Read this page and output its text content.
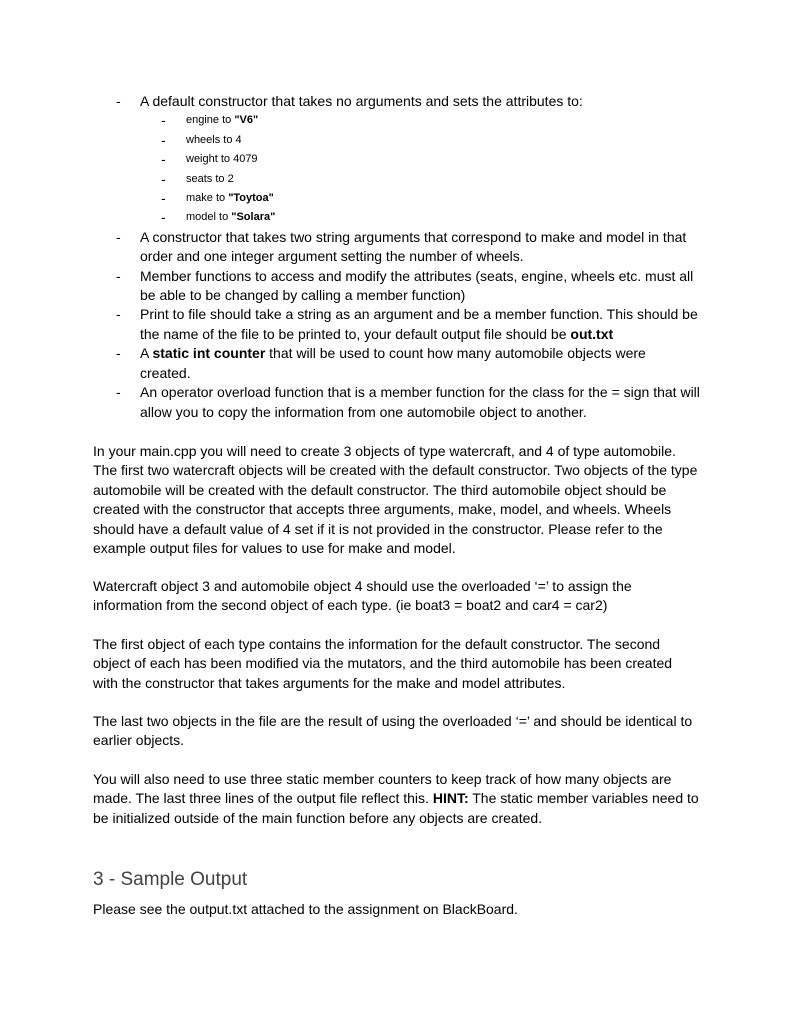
- A default constructor that takes no arguments and sets the attributes to:
- engine to "V6"
- wheels to 4
- weight to 4079
- seats to 2
- make to "Toytoa"
- model to "Solara"
- A constructor that takes two string arguments that correspond to make and model in that order and one integer argument setting the number of wheels.
- Member functions to access and modify the attributes (seats, engine, wheels etc. must all be able to be changed by calling a member function)
- Print to file should take a string as an argument and be a member function. This should be the name of the file to be printed to, your default output file should be out.txt
- A static int counter that will be used to count how many automobile objects were created.
- An operator overload function that is a member function for the class for the = sign that will allow you to copy the information from one automobile object to another.
In your main.cpp you will need to create 3 objects of type watercraft, and 4 of type automobile. The first two watercraft objects will be created with the default constructor. Two objects of the type automobile will be created with the default constructor. The third automobile object should be created with the constructor that accepts three arguments, make, model, and wheels. Wheels should have a default value of 4 set if it is not provided in the constructor. Please refer to the example output files for values to use for make and model.
Watercraft object 3 and automobile object 4 should use the overloaded ‘=’ to assign the information from the second object of each type. (ie boat3 = boat2 and car4 = car2)
The first object of each type contains the information for the default constructor. The second object of each has been modified via the mutators, and the third automobile has been created with the constructor that takes arguments for the make and model attributes.
The last two objects in the file are the result of using the overloaded ‘=’ and should be identical to earlier objects.
You will also need to use three static member counters to keep track of how many objects are made. The last three lines of the output file reflect this. HINT: The static member variables need to be initialized outside of the main function before any objects are created.
3 - Sample Output
Please see the output.txt attached to the assignment on BlackBoard.
